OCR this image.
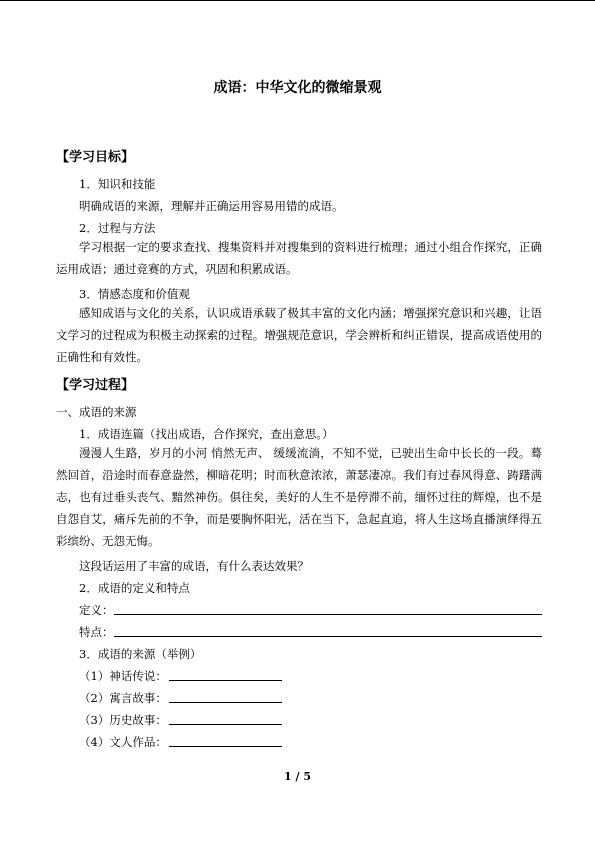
成语：中华文化的微缩景观
【学习目标】
1．知识和技能
明确成语的来源，理解并正确运用容易用错的成语。
2．过程与方法
学习根据一定的要求查找、搜集资料并对搜集到的资料进行梳理；通过小组合作探究，正确运用成语；通过竞赛的方式，巩固和积累成语。
3．情感态度和价值观
感知成语与文化的关系，认识成语承载了极其丰富的文化内涵；增强探究意识和兴趣，让语文学习的过程成为积极主动探索的过程。增强规范意识，学会辨析和纠正错误，提高成语使用的正确性和有效性。
【学习过程】
一、成语的来源
1．成语连篇（找出成语，合作探究，查出意思。）
漫漫人生路，岁月的小河 悄然无声、 缓缓流淌，不知不觉，已驶出生命中长长的一段。蓦然回首，沿途时而春意盎然，柳暗花明；时而秋意浓浓，萧瑟凄凉。我们有过春风得意、踌躇满志，也有过垂头丧气、黯然神伤。俱往矣，美好的人生不是停滞不前，缅怀过往的辉煌，也不是自怨自艾，痛斥先前的不争，而是要胸怀阳光，活在当下，急起直追，将人生这场直播演绎得五彩缤纷、无怨无悔。
这段话运用了丰富的成语，有什么表达效果？
2．成语的定义和特点
定义：
特点：
3．成语的来源（举例）
（1）神话传说：
（2）寓言故事：
（3）历史故事：
（4）文人作品：
1 / 5
